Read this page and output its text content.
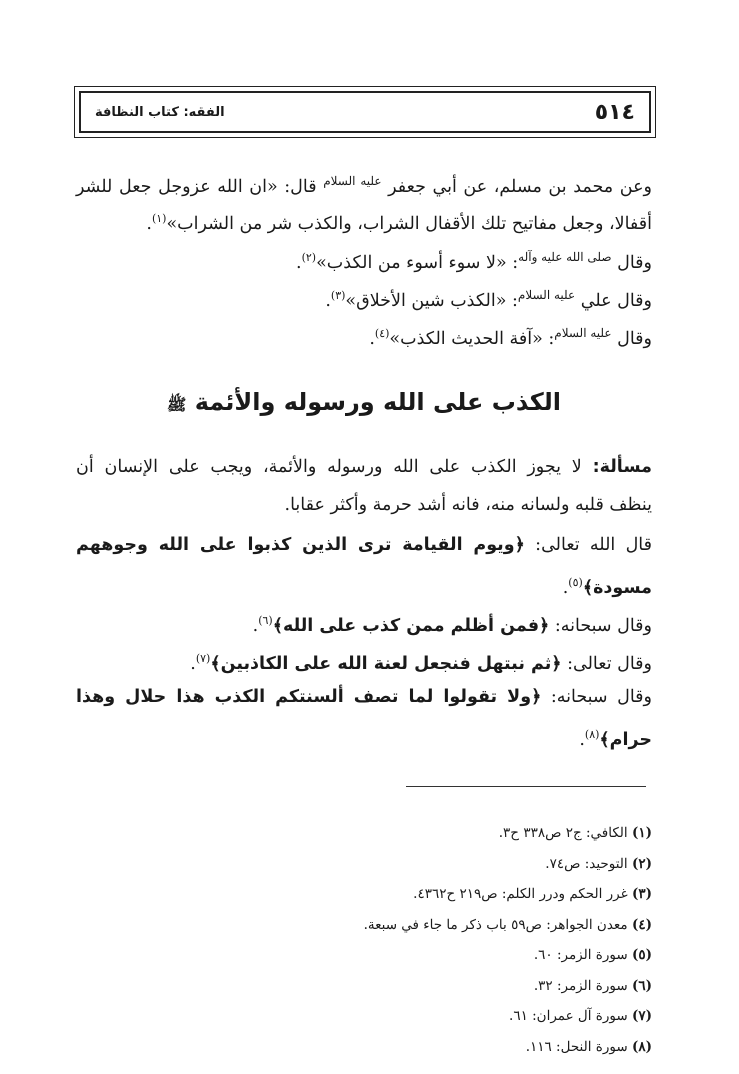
٥١٤
الفقه: كتاب النظافة
وعن محمد بن مسلم، عن أبي جعفر $^{عليه السلام}$ قال: «ان الله عزوجل جعل للشر
أقفالا، وجعل مفاتيح تلك الأقفال الشراب، والكذب شر من الشراب»$^{(١)}$.
وقال $^{صلى الله عليه وآله}$: «لا سوء أسوء من الكذب»$^{(٢)}$.
وقال علي $^{عليه السلام}$: «الكذب شين الأخلاق»$^{(٣)}$.
وقال $^{عليه السلام}$: «آفة الحديث الكذب»$^{(٤)}$.
الكذب على الله ورسوله والأئمة ﷺ
مسألة: لا يجوز الكذب على الله ورسوله والأئمة، ويجب على الإنسان أن
ينظف قلبه ولسانه منه، فانه أشد حرمة وأكثر عقابا.
قال الله تعالى: ﴿ويوم القيامة ترى الذين كذبوا على الله وجوههم
مسودة﴾$^{(٥)}$.
وقال سبحانه: ﴿فمن أظلم ممن كذب على الله﴾$^{(٦)}$.
وقال تعالى: ﴿ثم نبتهل فنجعل لعنة الله على الكاذبين﴾$^{(٧)}$.
وقال سبحانه: ﴿ولا تقولوا لما تصف ألسنتكم الكذب هذا حلال وهذا
حرام﴾$^{(٨)}$.
(١) الكافي: ج٢ ص٣٣٨ ح٣.
(٢) التوحيد: ص٧٤.
(٣) غرر الحكم ودرر الكلم: ص٢١٩ ح٤٣٦٢.
(٤) معدن الجواهر: ص٥٩ باب ذكر ما جاء في سبعة.
(٥) سورة الزمر: ٦٠.
(٦) سورة الزمر: ٣٢.
(٧) سورة آل عمران: ٦١.
(٨) سورة النحل: ١١٦.
